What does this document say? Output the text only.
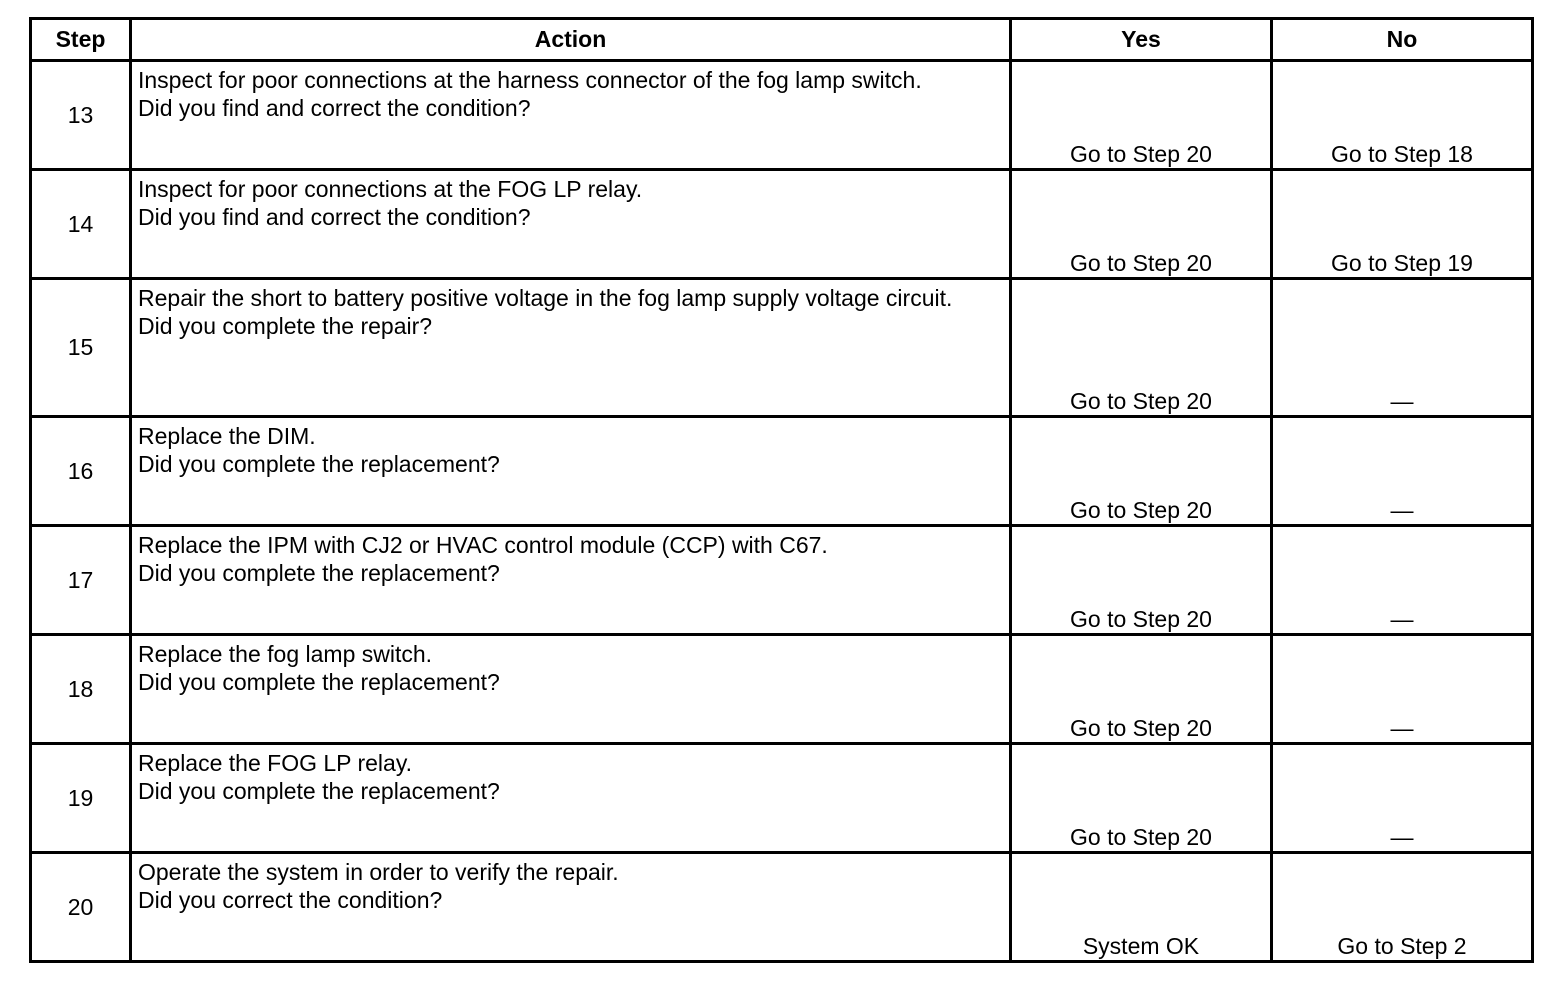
Step	Action	Yes	No
13	Inspect for poor connections at the harness connector of the fog lamp switch.
Did you find and correct the condition?	Go to Step 20	Go to Step 18
14	Inspect for poor connections at the FOG LP relay.
Did you find and correct the condition?	Go to Step 20	Go to Step 19
15	Repair the short to battery positive voltage in the fog lamp supply voltage circuit.
Did you complete the repair?	Go to Step 20	—
16	Replace the DIM.
Did you complete the replacement?	Go to Step 20	—
17	Replace the IPM with CJ2 or HVAC control module (CCP) with C67.
Did you complete the replacement?	Go to Step 20	—
18	Replace the fog lamp switch.
Did you complete the replacement?	Go to Step 20	—
19	Replace the FOG LP relay.
Did you complete the replacement?	Go to Step 20	—
20	Operate the system in order to verify the repair.
Did you correct the condition?	System OK	Go to Step 2
